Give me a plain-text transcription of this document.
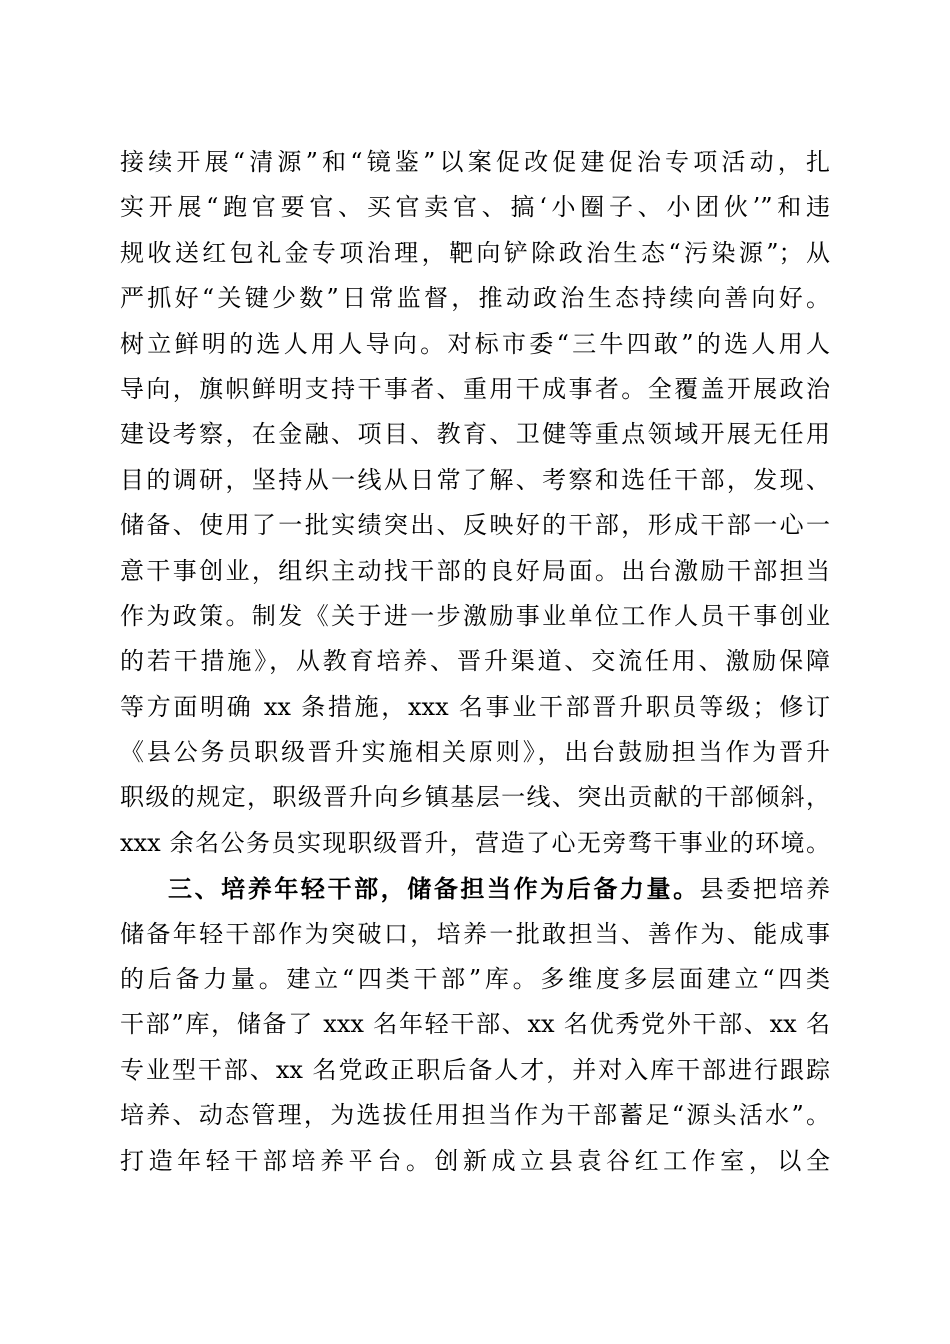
接续开展“清源”和“镜鉴”以案促改促建促治专项活动，扎
实开展“跑官要官、买官卖官、搞‘小圈子、小团伙’”和违
规收送红包礼金专项治理，靶向铲除政治生态“污染源”；从
严抓好“关键少数”日常监督，推动政治生态持续向善向好。
树立鲜明的选人用人导向。对标市委“三牛四敢”的选人用人
导向，旗帜鲜明支持干事者、重用干成事者。全覆盖开展政治
建设考察，在金融、项目、教育、卫健等重点领域开展无任用
目的调研，坚持从一线从日常了解、考察和选任干部，发现、
储备、使用了一批实绩突出、反映好的干部，形成干部一心一
意干事创业，组织主动找干部的良好局面。出台激励干部担当
作为政策。制发《关于进一步激励事业单位工作人员干事创业
的若干措施》，从教育培养、晋升渠道、交流任用、激励保障
等方面明确 xx 条措施，xxx 名事业干部晋升职员等级；修订
《县公务员职级晋升实施相关原则》，出台鼓励担当作为晋升
职级的规定，职级晋升向乡镇基层一线、突出贡献的干部倾斜，
xxx 余名公务员实现职级晋升，营造了心无旁骛干事业的环境。
三、培养年轻干部，储备担当作为后备力量。县委把培养
储备年轻干部作为突破口，培养一批敢担当、善作为、能成事
的后备力量。建立“四类干部”库。多维度多层面建立“四类
干部”库，储备了 xxx 名年轻干部、xx 名优秀党外干部、xx 名
专业型干部、xx 名党政正职后备人才，并对入库干部进行跟踪
培养、动态管理，为选拔任用担当作为干部蓄足“源头活水”。
打造年轻干部培养平台。创新成立县袁谷红工作室，以全
